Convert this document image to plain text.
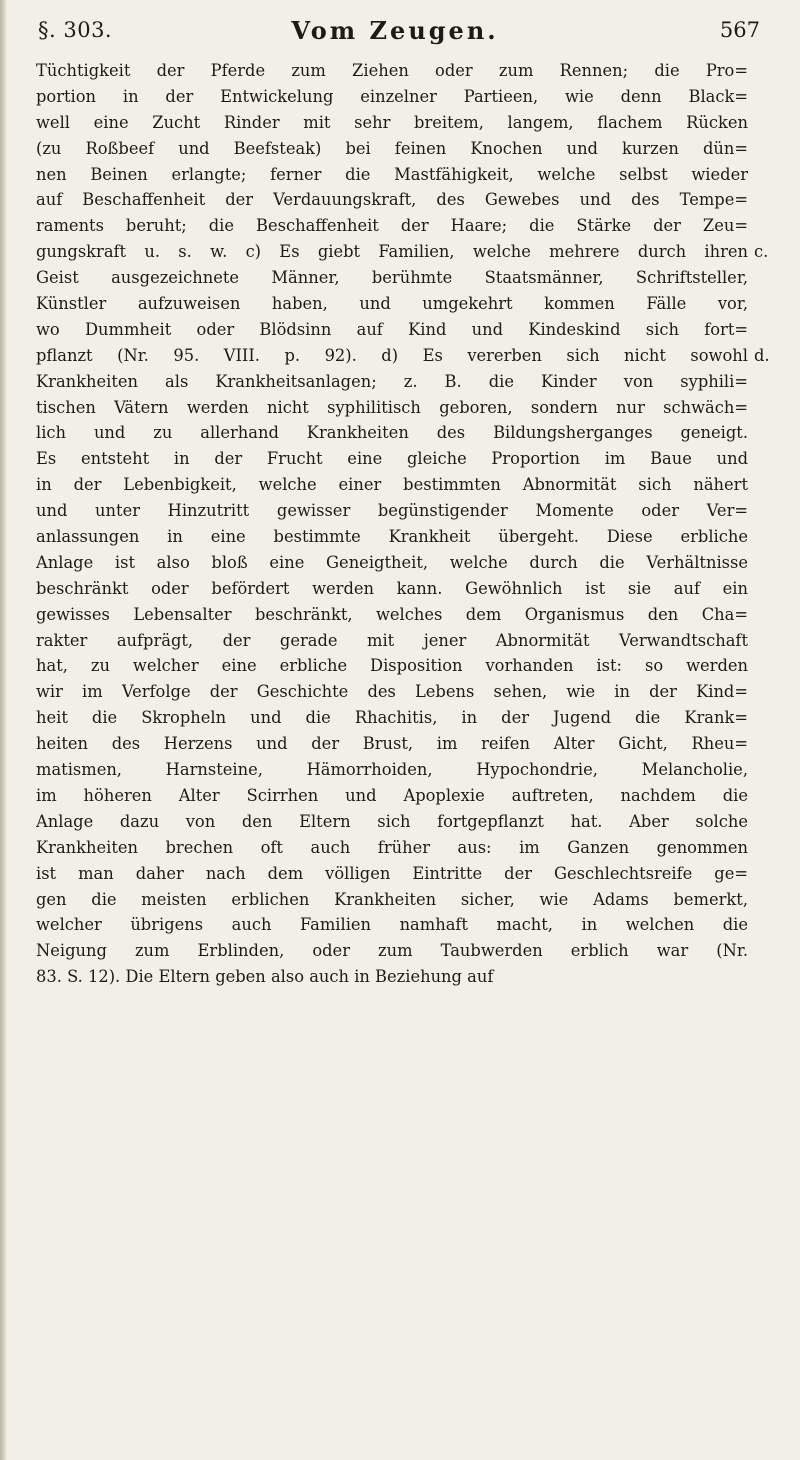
§. 303.	Vom Zeugen.	567
Tüchtigkeit der Pferde zum Ziehen oder zum Rennen; die Pro=
portion in der Entwickelung einzelner Partieen, wie denn Black=
well eine Zucht Rinder mit sehr breitem, langem, flachem Rücken
(zu Roßbeef und Beefsteak) bei feinen Knochen und kurzen dün=
nen Beinen erlangte; ferner die Mastfähigkeit, welche selbst wieder
auf Beschaffenheit der Verdauungskraft, des Gewebes und des Tempe=
raments beruht; die Beschaffenheit der Haare; die Stärke der Zeu=
gungskraft u. s. w. c) Es giebt Familien, welche mehrere durch ihren
Geist ausgezeichnete Männer, berühmte Staatsmänner, Schriftsteller,
Künstler aufzuweisen haben, und umgekehrt kommen Fälle vor,
wo Dummheit oder Blödsinn auf Kind und Kindeskind sich fort=
pflanzt (Nr. 95. VIII. p. 92). d) Es vererben sich nicht sowohl
Krankheiten als Krankheitsanlagen; z. B. die Kinder von syphili=
tischen Vätern werden nicht syphilitisch geboren, sondern nur schwäch=
lich und zu allerhand Krankheiten des Bildungsherganges geneigt.
Es entsteht in der Frucht eine gleiche Proportion im Baue und
in der Lebenbigkeit, welche einer bestimmten Abnormität sich nähert
und unter Hinzutritt gewisser begünstigender Momente oder Ver=
anlassungen in eine bestimmte Krankheit übergeht. Diese erbliche
Anlage ist also bloß eine Geneigtheit, welche durch die Verhältnisse
beschränkt oder befördert werden kann. Gewöhnlich ist sie auf ein
gewisses Lebensalter beschränkt, welches dem Organismus den Cha=
rakter aufprägt, der gerade mit jener Abnormität Verwandtschaft
hat, zu welcher eine erbliche Disposition vorhanden ist: so werden
wir im Verfolge der Geschichte des Lebens sehen, wie in der Kind=
heit die Skropheln und die Rhachitis, in der Jugend die Krank=
heiten des Herzens und der Brust, im reifen Alter Gicht, Rheu=
matismen, Harnsteine, Hämorrhoiden, Hypochondrie, Melancholie,
im höheren Alter Scirrhen und Apoplexie auftreten, nachdem die
Anlage dazu von den Eltern sich fortgepflanzt hat. Aber solche
Krankheiten brechen oft auch früher aus: im Ganzen genommen
ist man daher nach dem völligen Eintritte der Geschlechtsreife ge=
gen die meisten erblichen Krankheiten sicher, wie Adams bemerkt,
welcher übrigens auch Familien namhaft macht, in welchen die
Neigung zum Erblinden, oder zum Taubwerden erblich war (Nr.
83. S. 12). Die Eltern geben also auch in Beziehung auf
c.
d.
